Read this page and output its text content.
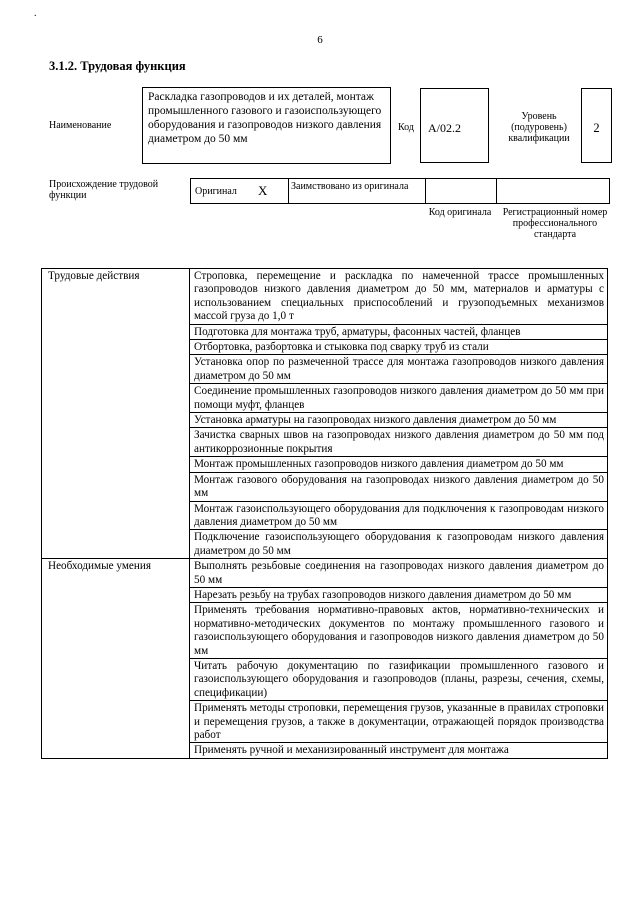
.
6
3.1.2. Трудовая функция
Наименование
Раскладка газопроводов и их деталей, монтаж промышленного газового и газоиспользующего оборудования и газопроводов низкого давления диаметром до 50 мм
Код	A/02.2
Уровень (подуровень) квалификации
2
Происхождение трудовой функции	Оригинал X Заимствовано из оригинала
Код оригинала Регистрационный номер профессионального стандарта
Трудовые действия	Строповка, перемещение и раскладка по намеченной трассе промышленных газопроводов низкого давления диаметром до 50 мм, материалов и арматуры с использованием специальных приспособлений и грузоподъемных механизмов массой груза до 1,0 т
	Подготовка для монтажа труб, арматуры, фасонных частей, фланцев
	Отбортовка, разбортовка и стыковка под сварку труб из стали
	Установка опор по размеченной трассе для монтажа газопроводов низкого давления диаметром до 50 мм
	Соединение промышленных газопроводов низкого давления диаметром до 50 мм при помощи муфт, фланцев
	Установка арматуры на газопроводах низкого давления диаметром до 50 мм
	Зачистка сварных швов на газопроводах низкого давления диаметром до 50 мм под антикоррозионные покрытия
	Монтаж промышленных газопроводов низкого давления диаметром до 50 мм
	Монтаж газового оборудования на газопроводах низкого давления диаметром до 50 мм
	Монтаж газоиспользующего оборудования для подключения к газопроводам низкого давления диаметром до 50 мм
	Подключение газоиспользующего оборудования к газопроводам низкого давления диаметром до 50 мм
Необходимые умения	Выполнять резьбовые соединения на газопроводах низкого давления диаметром до 50 мм
	Нарезать резьбу на трубах газопроводов низкого давления диаметром до 50 мм
	Применять требования нормативно-правовых актов, нормативно-технических и нормативно-методических документов по монтажу промышленного газового и газоиспользующего оборудования и газопроводов низкого давления диаметром до 50 мм
	Читать рабочую документацию по газификации промышленного газового и газоиспользующего оборудования и газопроводов (планы, разрезы, сечения, схемы, спецификации)
	Применять методы строповки, перемещения грузов, указанные в правилах строповки и перемещения грузов, а также в документации, отражающей порядок производства работ
	Применять ручной и механизированный инструмент для монтажа
